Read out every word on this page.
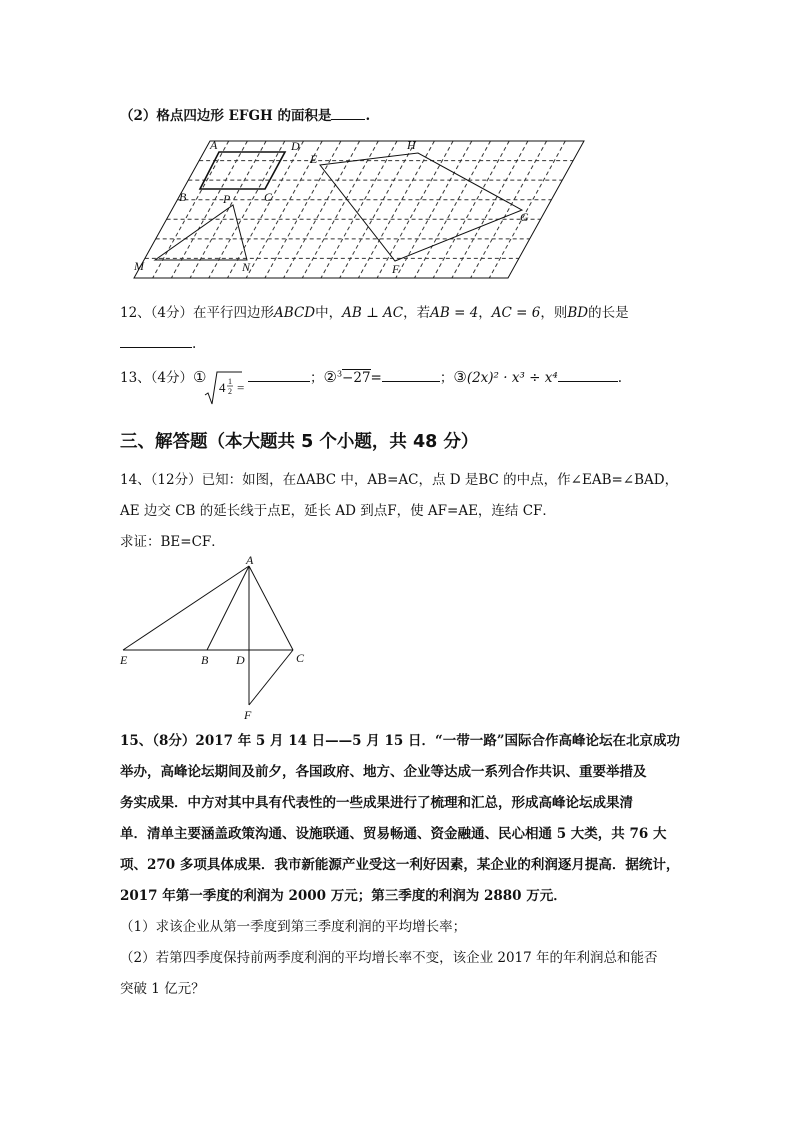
（2）格点四边形 EFGH 的面积是	.
A	D
B	C
E
H
G
P
M	N	F
12、（4分）在平行四边形ABCD中，AB ⊥ AC，若AB = 4，AC = 6，则BD的长是
.
13、（4分）①
4 1
2 =
；②$^3$−27=	；③(2x)² · x³ ÷ x⁴	.
三、解答题（本大题共 5 个小题，共 48 分）
14、（12分）已知：如图，在ΔABC 中，AB=AC，点 D 是BC 的中点，作∠EAB=∠BAD，
AE 边交 CB 的延长线于点E，延长 AD 到点F，使 AF=AE，连结 CF．
求证：BE=CF．
A
E	B D	C
F
15、（8分）2017 年 5 月 14 日——5 月 15 日．“一带一路”国际合作高峰论坛在北京成功
举办，高峰论坛期间及前夕，各国政府、地方、企业等达成一系列合作共识、重要举措及
务实成果．中方对其中具有代表性的一些成果进行了梳理和汇总，形成高峰论坛成果清
单．清单主要涵盖政策沟通、设施联通、贸易畅通、资金融通、民心相通 5 大类，共 76 大
项、270 多项具体成果．我市新能源产业受这一利好因素，某企业的利润逐月提高．据统计，
2017 年第一季度的利润为 2000 万元；第三季度的利润为 2880 万元．
（1）求该企业从第一季度到第三季度利润的平均增长率；
（2）若第四季度保持前两季度利润的平均增长率不变，该企业 2017 年的年利润总和能否
突破 1 亿元？
